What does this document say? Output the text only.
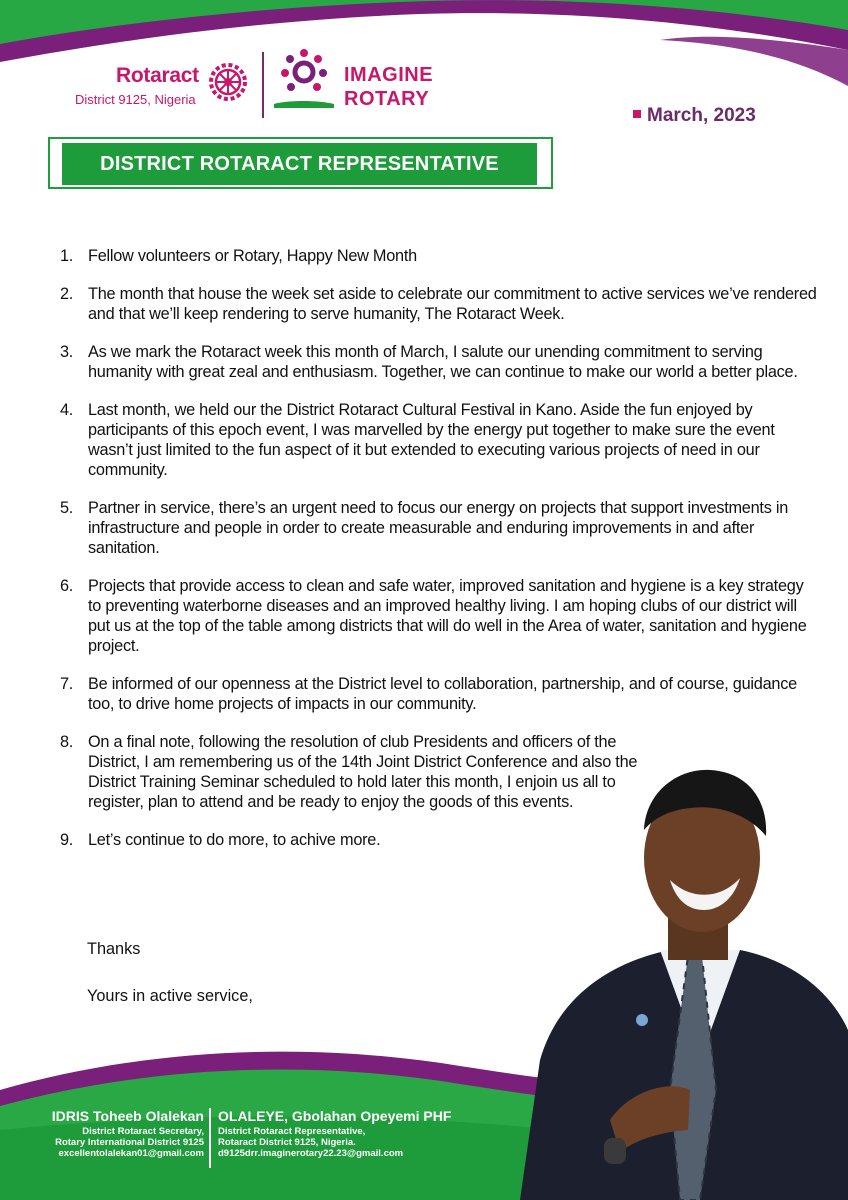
Rotaract
District 9125, Nigeria
IMAGINE
ROTARY
March, 2023
DISTRICT ROTARACT REPRESENTATIVE ADDRESS
1. Fellow volunteers or Rotary, Happy New Month
2. The month that house the week set aside to celebrate our commitment to active services we’ve rendered and that we’ll keep rendering to serve humanity, The Rotaract Week.
3. As we mark the Rotaract week this month of March, I salute our unending commitment to serving humanity with great zeal and enthusiasm. Together, we can continue to make our world a better place.
4. Last month, we held our the District Rotaract Cultural Festival in Kano. Aside the fun enjoyed by participants of this epoch event, I was marvelled by the energy put together to make sure the event wasn’t just limited to the fun aspect of it but extended to executing various projects of need in our community.
5. Partner in service, there’s an urgent need to focus our energy on projects that support investments in infrastructure and people in order to create measurable and enduring improvements in and after sanitation.
6. Projects that provide access to clean and safe water, improved sanitation and hygiene is a key strategy to preventing waterborne diseases and an improved healthy living. I am hoping clubs of our district will put us at the top of the table among districts that will do well in the Area of water, sanitation and hygiene project.
7. Be informed of our openness at the District level to collaboration, partnership, and of course, guidance too, to drive home projects of impacts in our community.
8. On a final note, following the resolution of club Presidents and officers of the District, I am remembering us of the 14th Joint District Conference and also the District Training Seminar scheduled to hold later this month, I enjoin us all to register, plan to attend and be ready to enjoy the goods of this events.
9. Let’s continue to do more, to achive more.
Thanks
Yours in active service,
IDRIS Toheeb Olalekan
District Rotaract Secretary,
Rotary International District 9125
excellentolalekan01@gmail.com
OLALEYE, Gbolahan Opeyemi PHF
District Rotaract Representative,
Rotaract District 9125, Nigeria.
d9125drr.imaginerotary22.23@gmail.com
